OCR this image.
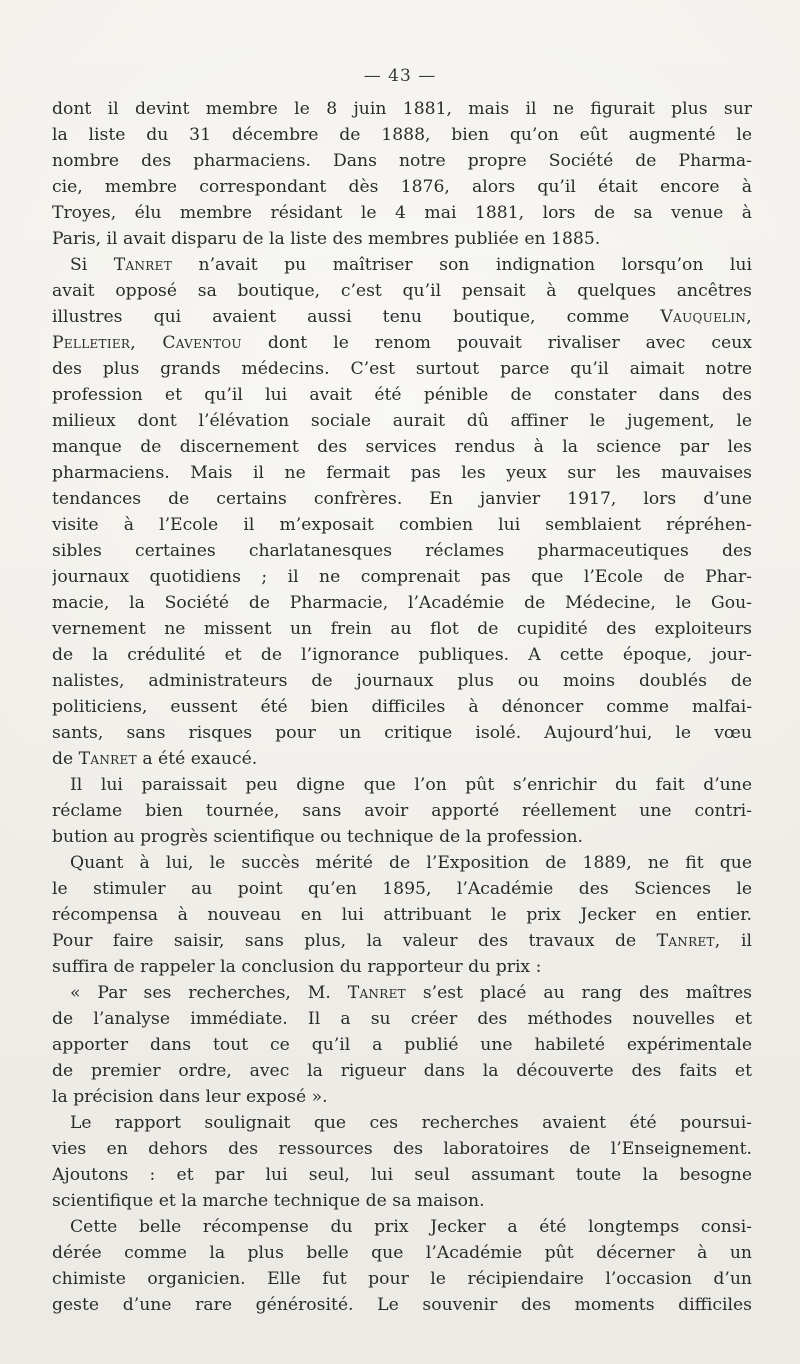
— 43 —
dont il devint membre le 8 juin 1881, mais il ne figurait plus sur
la liste du 31 décembre de 1888, bien qu’on eût augmenté le
nombre des pharmaciens. Dans notre propre Société de Pharma-
cie, membre correspondant dès 1876, alors qu’il était encore à
Troyes, élu membre résidant le 4 mai 1881, lors de sa venue à
Paris, il avait disparu de la liste des membres publiée en 1885.
Si Tanret n’avait pu maîtriser son indignation lorsqu’on lui
avait opposé sa boutique, c’est qu’il pensait à quelques ancêtres
illustres qui avaient aussi tenu boutique, comme Vauquelin,
Pelletier, Caventou dont le renom pouvait rivaliser avec ceux
des plus grands médecins. C’est surtout parce qu’il aimait notre
profession et qu’il lui avait été pénible de constater dans des
milieux dont l’élévation sociale aurait dû affiner le jugement, le
manque de discernement des services rendus à la science par les
pharmaciens. Mais il ne fermait pas les yeux sur les mauvaises
tendances de certains confrères. En janvier 1917, lors d’une
visite à l’Ecole il m’exposait combien lui semblaient répréhen-
sibles certaines charlatanesques réclames pharmaceutiques des
journaux quotidiens ; il ne comprenait pas que l’Ecole de Phar-
macie, la Société de Pharmacie, l’Académie de Médecine, le Gou-
vernement ne missent un frein au flot de cupidité des exploiteurs
de la crédulité et de l’ignorance publiques. A cette époque, jour-
nalistes, administrateurs de journaux plus ou moins doublés de
politiciens, eussent été bien difficiles à dénoncer comme malfai-
sants, sans risques pour un critique isolé. Aujourd’hui, le vœu
de Tanret a été exaucé.
Il lui paraissait peu digne que l’on pût s’enrichir du fait d’une
réclame bien tournée, sans avoir apporté réellement une contri-
bution au progrès scientifique ou technique de la profession.
Quant à lui, le succès mérité de l’Exposition de 1889, ne fit que
le stimuler au point qu’en 1895, l’Académie des Sciences le
récompensa à nouveau en lui attribuant le prix Jecker en entier.
Pour faire saisir, sans plus, la valeur des travaux de Tanret, il
suffira de rappeler la conclusion du rapporteur du prix :
« Par ses recherches, M. Tanret s’est placé au rang des maîtres
de l’analyse immédiate. Il a su créer des méthodes nouvelles et
apporter dans tout ce qu’il a publié une habileté expérimentale
de premier ordre, avec la rigueur dans la découverte des faits et
la précision dans leur exposé ».
Le rapport soulignait que ces recherches avaient été poursui-
vies en dehors des ressources des laboratoires de l’Enseignement.
Ajoutons : et par lui seul, lui seul assumant toute la besogne
scientifique et la marche technique de sa maison.
Cette belle récompense du prix Jecker a été longtemps consi-
dérée comme la plus belle que l’Académie pût décerner à un
chimiste organicien. Elle fut pour le récipiendaire l’occasion d’un
geste d’une rare générosité. Le souvenir des moments difficiles
